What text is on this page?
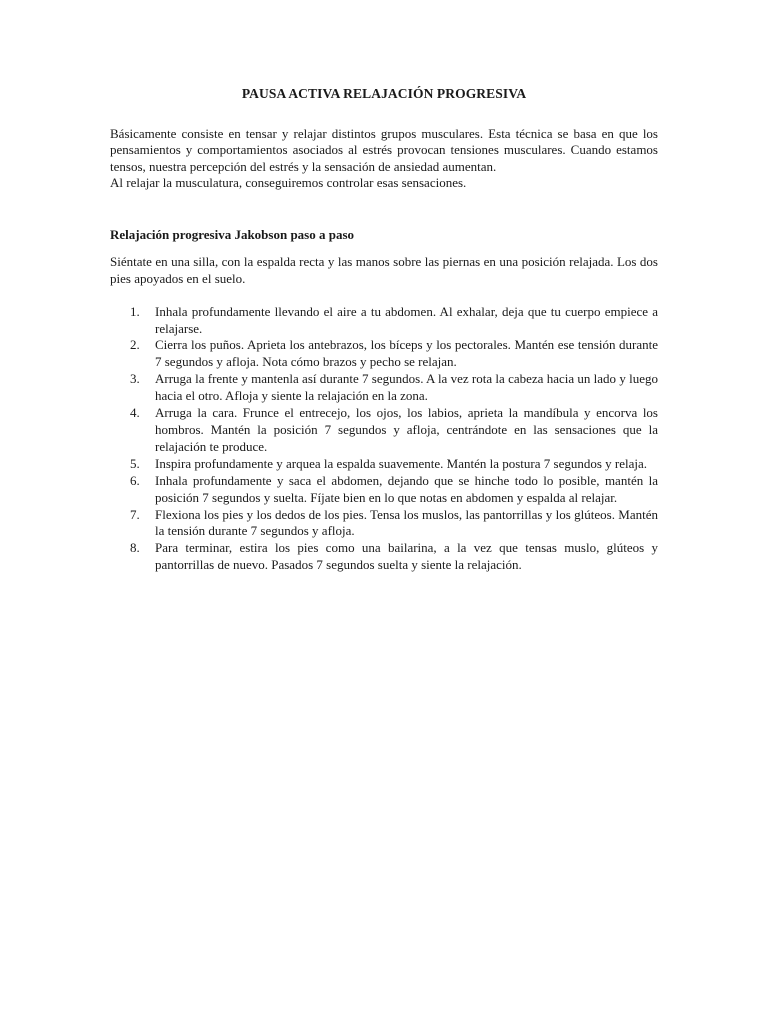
PAUSA ACTIVA RELAJACIÓN PROGRESIVA

Básicamente consiste en tensar y relajar distintos grupos musculares. Esta técnica se basa en que los pensamientos y comportamientos asociados al estrés provocan tensiones musculares. Cuando estamos tensos, nuestra percepción del estrés y la sensación de ansiedad aumentan.

Al relajar la musculatura, conseguiremos controlar esas sensaciones.

Relajación progresiva Jakobson paso a paso

Siéntate en una silla, con la espalda recta y las manos sobre las piernas en una posición relajada. Los dos pies apoyados en el suelo.

1. Inhala profundamente llevando el aire a tu abdomen. Al exhalar, deja que tu cuerpo empiece a relajarse.
2. Cierra los puños. Aprieta los antebrazos, los bíceps y los pectorales. Mantén ese tensión durante 7 segundos y afloja. Nota cómo brazos y pecho se relajan.
3. Arruga la frente y mantenla así durante 7 segundos. A la vez rota la cabeza hacia un lado y luego hacia el otro. Afloja y siente la relajación en la zona.
4. Arruga la cara. Frunce el entrecejo, los ojos, los labios, aprieta la mandíbula y encorva los hombros. Mantén la posición 7 segundos y afloja, centrándote en las sensaciones que la relajación te produce.
5. Inspira profundamente y arquea la espalda suavemente. Mantén la postura 7 segundos y relaja.
6. Inhala profundamente y saca el abdomen, dejando que se hinche todo lo posible, mantén la posición 7 segundos y suelta. Fíjate bien en lo que notas en abdomen y espalda al relajar.
7. Flexiona los pies y los dedos de los pies. Tensa los muslos, las pantorrillas y los glúteos. Mantén la tensión durante 7 segundos y afloja.
8. Para terminar, estira los pies como una bailarina, a la vez que tensas muslo, glúteos y pantorrillas de nuevo. Pasados 7 segundos suelta y siente la relajación.
